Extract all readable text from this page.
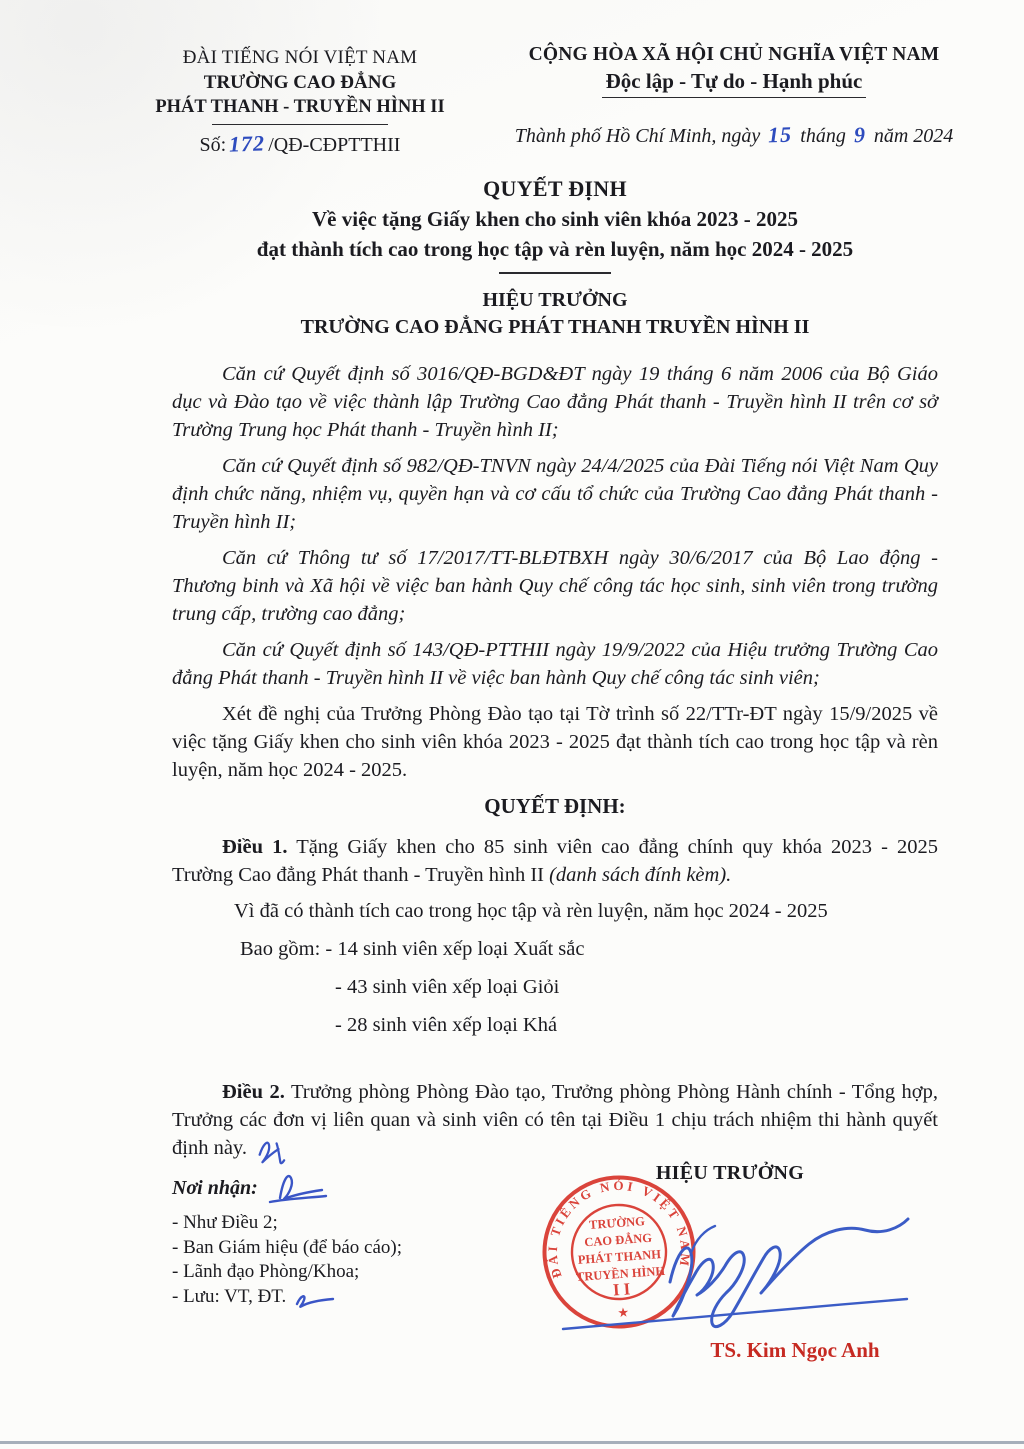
ĐÀI TIẾNG NÓI VIỆT NAM
TRƯỜNG CAO ĐẲNG
PHÁT THANH - TRUYỀN HÌNH II
Số: 172 /QĐ-CĐPTTHII
CỘNG HÒA XÃ HỘI CHỦ NGHĨA VIỆT NAM
Độc lập - Tự do - Hạnh phúc
Thành phố Hồ Chí Minh, ngày 15 tháng 9 năm 2024
QUYẾT ĐỊNH
Về việc tặng Giấy khen cho sinh viên khóa 2023 - 2025
đạt thành tích cao trong học tập và rèn luyện, năm học 2024 - 2025
HIỆU TRƯỞNG
TRƯỜNG CAO ĐẲNG PHÁT THANH TRUYỀN HÌNH II

Căn cứ Quyết định số 3016/QĐ-BGD&ĐT ngày 19 tháng 6 năm 2006 của Bộ Giáo dục và Đào tạo về việc thành lập Trường Cao đẳng Phát thanh - Truyền hình II trên cơ sở Trường Trung học Phát thanh - Truyền hình II;

Căn cứ Quyết định số 982/QĐ-TNVN ngày 24/4/2025 của Đài Tiếng nói Việt Nam Quy định chức năng, nhiệm vụ, quyền hạn và cơ cấu tổ chức của Trường Cao đẳng Phát thanh - Truyền hình II;

Căn cứ Thông tư số 17/2017/TT-BLĐTBXH ngày 30/6/2017 của Bộ Lao động - Thương binh và Xã hội về việc ban hành Quy chế công tác học sinh, sinh viên trong trường trung cấp, trường cao đẳng;

Căn cứ Quyết định số 143/QĐ-PTTHII ngày 19/9/2022 của Hiệu trưởng Trường Cao đẳng Phát thanh - Truyền hình II về việc ban hành Quy chế công tác sinh viên;

Xét đề nghị của Trưởng Phòng Đào tạo tại Tờ trình số 22/TTr-ĐT ngày 15/9/2025 về việc tặng Giấy khen cho sinh viên khóa 2023 - 2025 đạt thành tích cao trong học tập và rèn luyện, năm học 2024 - 2025.

QUYẾT ĐỊNH:

Điều 1. Tặng Giấy khen cho 85 sinh viên cao đẳng chính quy khóa 2023 - 2025 Trường Cao đẳng Phát thanh - Truyền hình II (danh sách đính kèm).

Vì đã có thành tích cao trong học tập và rèn luyện, năm học 2024 - 2025

Bao gồm: - 14 sinh viên xếp loại Xuất sắc

- 43 sinh viên xếp loại Giỏi

- 28 sinh viên xếp loại Khá

Điều 2. Trưởng phòng Phòng Đào tạo, Trưởng phòng Phòng Hành chính - Tổng hợp, Trưởng các đơn vị liên quan và sinh viên có tên tại Điều 1 chịu trách nhiệm thi hành quyết định này.

Nơi nhận:
- Như Điều 2;
- Ban Giám hiệu (để báo cáo);
- Lãnh đạo Phòng/Khoa;
- Lưu: VT, ĐT.
HIỆU TRƯỞNG
ĐÀI TIẾNG NÓI VIỆT NAM
★
TRƯỜNG
CAO ĐẲNG
PHÁT THANH
TRUYỀN HÌNH
II
TS. Kim Ngọc Anh
